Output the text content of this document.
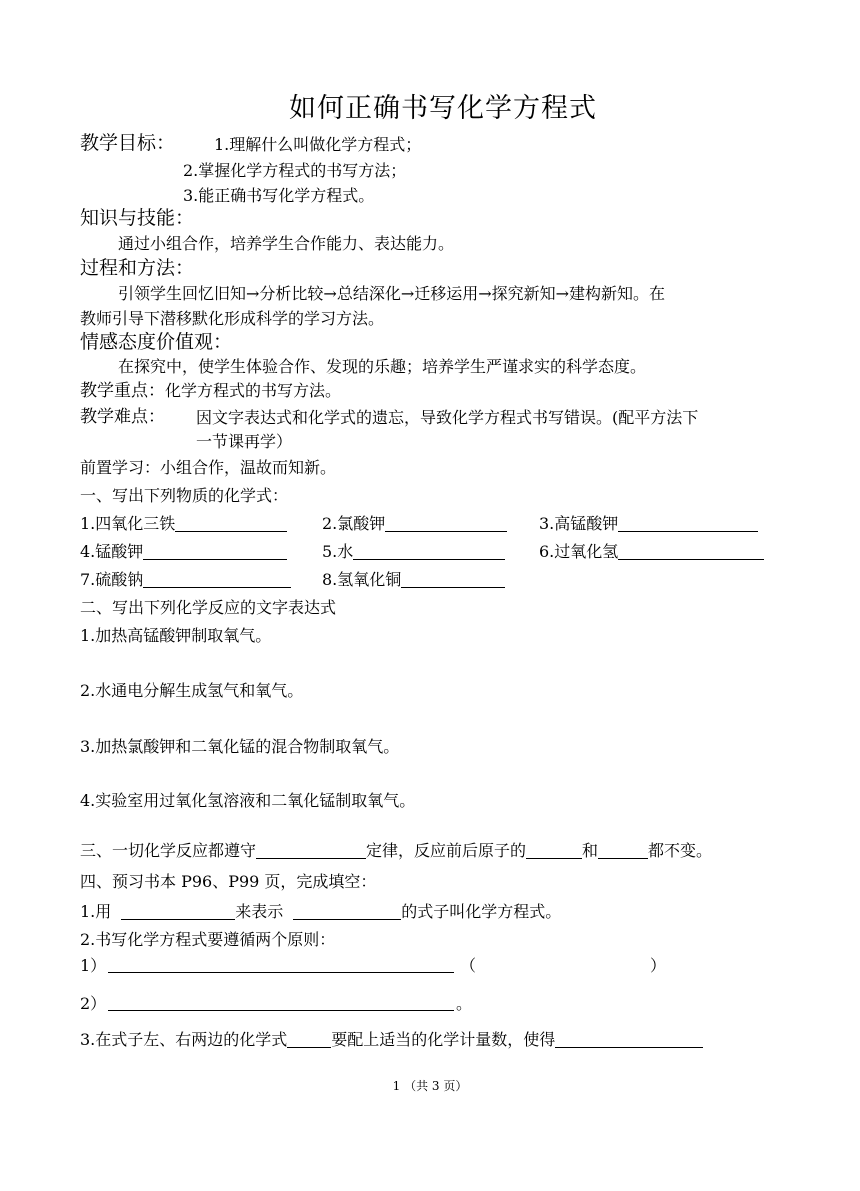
如何正确书写化学方程式
教学目标： 1.理解什么叫做化学方程式；
2.掌握化学方程式的书写方法；
3.能正确书写化学方程式。
知识与技能：
通过小组合作，培养学生合作能力、表达能力。
过程和方法：
引领学生回忆旧知→分析比较→总结深化→迁移运用→探究新知→建构新知。在
教师引导下潜移默化形成科学的学习方法。
情感态度价值观：
在探究中，使学生体验合作、发现的乐趣；培养学生严谨求实的科学态度。
教学重点：化学方程式的书写方法。
教学难点： 因文字表达式和化学式的遗忘，导致化学方程式书写错误。(配平方法下
一节课再学）
前置学习：小组合作，温故而知新。
一、写出下列物质的化学式：
1.四氧化三铁	2.氯酸钾	3.高锰酸钾
4.锰酸钾	5.水	6.过氧化氢
7.硫酸钠	8.氢氧化铜
二、写出下列化学反应的文字表达式
1.加热高锰酸钾制取氧气。
2.水通电分解生成氢气和氧气。
3.加热氯酸钾和二氧化锰的混合物制取氧气。
4.实验室用过氧化氢溶液和二氧化锰制取氧气。
三、一切化学反应都遵守	定律，反应前后原子的	和	都不变。
四、预习书本 P96、P99 页，完成填空：
1.用	来表示	的式子叫化学方程式。
2.书写化学方程式要遵循两个原则：
1）	（	）
2）	。
3.在式子左、右两边的化学式	要配上适当的化学计量数，使得
1 （共 3 页）
